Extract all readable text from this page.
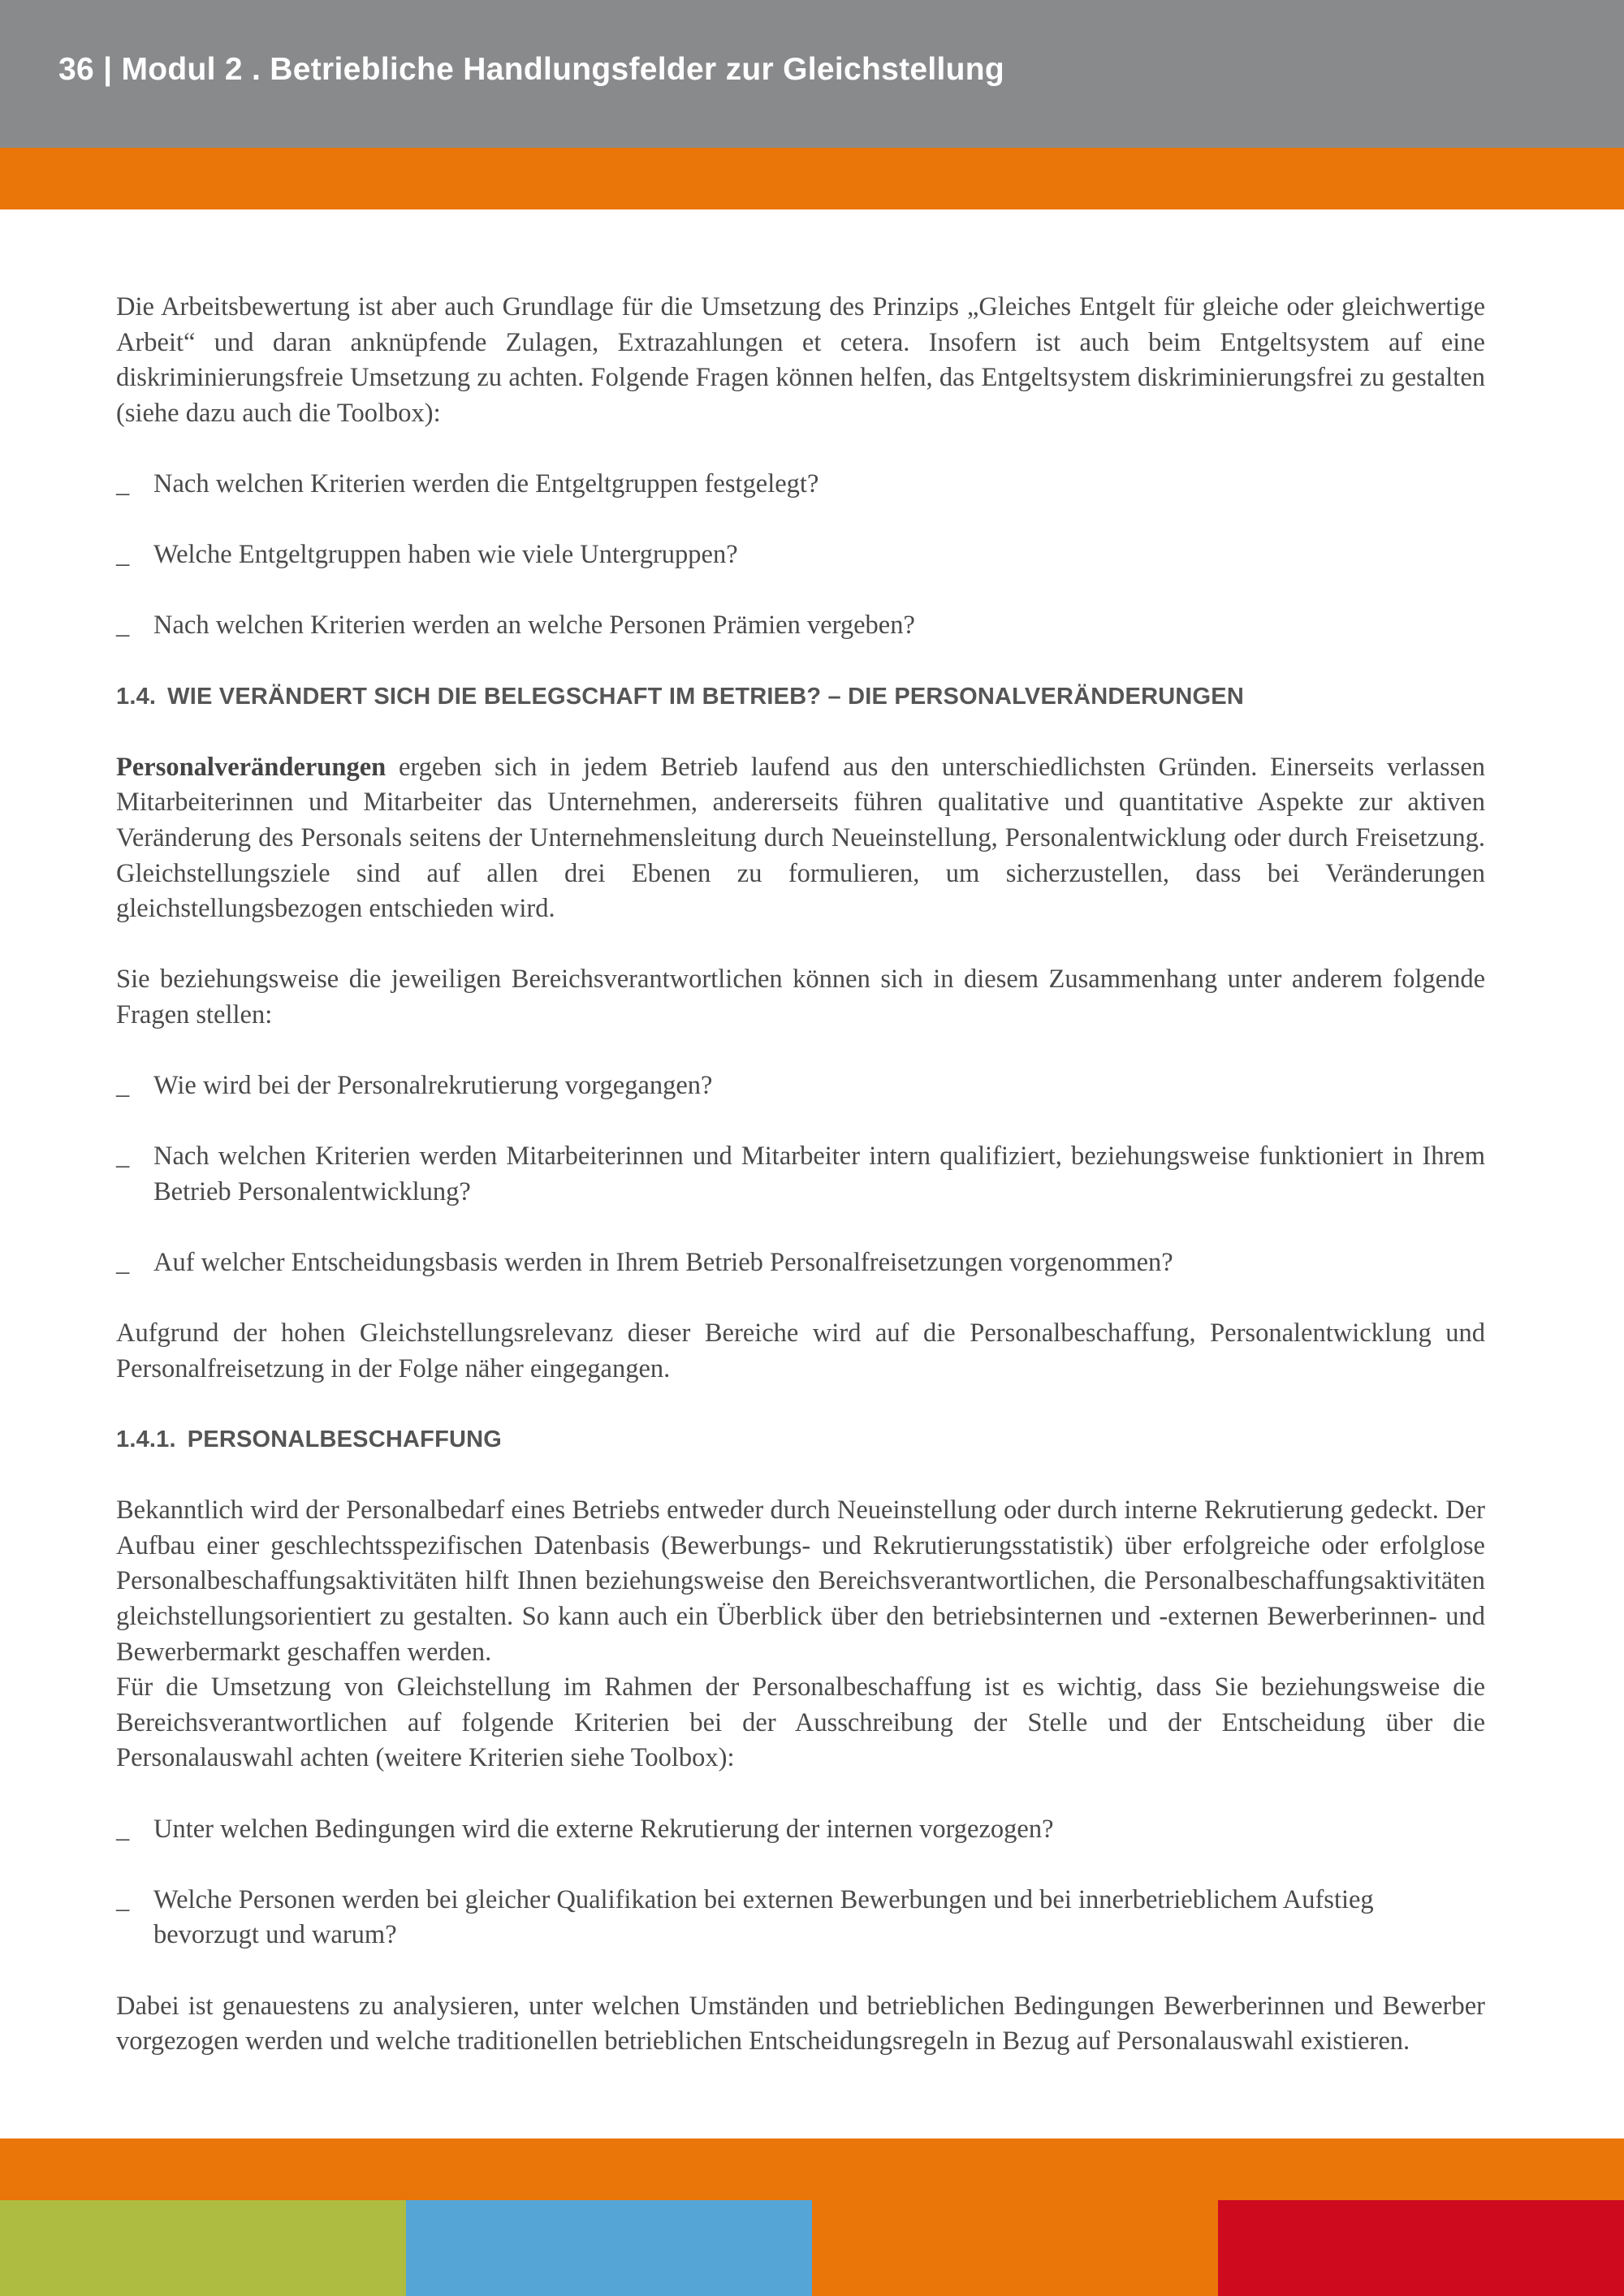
36 | Modul 2 . Betriebliche Handlungsfelder zur Gleichstellung

Die Arbeitsbewertung ist aber auch Grundlage für die Umsetzung des Prinzips „Gleiches Entgelt für gleiche oder gleichwertige Arbeit“ und daran anknüpfende Zulagen, Extrazahlungen et cetera. Insofern ist auch beim Entgeltsystem auf eine diskriminierungsfreie Umsetzung zu achten. Folgende Fragen können helfen, das Entgeltsystem diskriminierungsfrei zu gestalten (siehe dazu auch die Toolbox):

_ Nach welchen Kriterien werden die Entgeltgruppen festgelegt?
_ Welche Entgeltgruppen haben wie viele Untergruppen?
_ Nach welchen Kriterien werden an welche Personen Prämien vergeben?
1.4. WIE VERÄNDERT SICH DIE BELEGSCHAFT IM BETRIEB? – DIE PERSONALVERÄNDERUNGEN

Personalveränderungen ergeben sich in jedem Betrieb laufend aus den unterschiedlichsten Gründen. Einerseits verlassen Mitarbeiterinnen und Mitarbeiter das Unternehmen, andererseits führen qualitative und quantitative Aspekte zur aktiven Veränderung des Personals seitens der Unternehmensleitung durch Neueinstellung, Personalentwicklung oder durch Freisetzung. Gleichstellungsziele sind auf allen drei Ebenen zu formulieren, um sicherzustellen, dass bei Veränderungen gleichstellungsbezogen entschieden wird.

Sie beziehungsweise die jeweiligen Bereichsverantwortlichen können sich in diesem Zusammenhang unter anderem folgende Fragen stellen:

_ Wie wird bei der Personalrekrutierung vorgegangen?
_ Nach welchen Kriterien werden Mitarbeiterinnen und Mitarbeiter intern qualifiziert, beziehungsweise funktioniert in Ihrem Betrieb Personalentwicklung?
_ Auf welcher Entscheidungsbasis werden in Ihrem Betrieb Personalfreisetzungen vorgenommen?

Aufgrund der hohen Gleichstellungsrelevanz dieser Bereiche wird auf die Personalbeschaffung, Personalentwicklung und Personalfreisetzung in der Folge näher eingegangen.

1.4.1. PERSONALBESCHAFFUNG

Bekanntlich wird der Personalbedarf eines Betriebs entweder durch Neueinstellung oder durch interne Rekrutierung gedeckt. Der Aufbau einer geschlechtsspezifischen Datenbasis (Bewerbungs- und Rekrutierungsstatistik) über erfolgreiche oder erfolglose Personalbeschaffungsaktivitäten hilft Ihnen beziehungsweise den Bereichsverantwortlichen, die Personalbeschaffungsaktivitäten gleichstellungsorientiert zu gestalten. So kann auch ein Überblick über den betriebsinternen und -externen Bewerberinnen- und Bewerbermarkt geschaffen werden.

Für die Umsetzung von Gleichstellung im Rahmen der Personalbeschaffung ist es wichtig, dass Sie beziehungsweise die Bereichsverantwortlichen auf folgende Kriterien bei der Ausschreibung der Stelle und der Entscheidung über die Personalauswahl achten (weitere Kriterien siehe Toolbox):

_ Unter welchen Bedingungen wird die externe Rekrutierung der internen vorgezogen?
_ Welche Personen werden bei gleicher Qualifikation bei externen Bewerbungen und bei innerbetrieblichem Aufstieg bevorzugt und warum?

Dabei ist genauestens zu analysieren, unter welchen Umständen und betrieblichen Bedingungen Bewerberinnen und Bewerber vorgezogen werden und welche traditionellen betrieblichen Entscheidungsregeln in Bezug auf Personalauswahl existieren.
